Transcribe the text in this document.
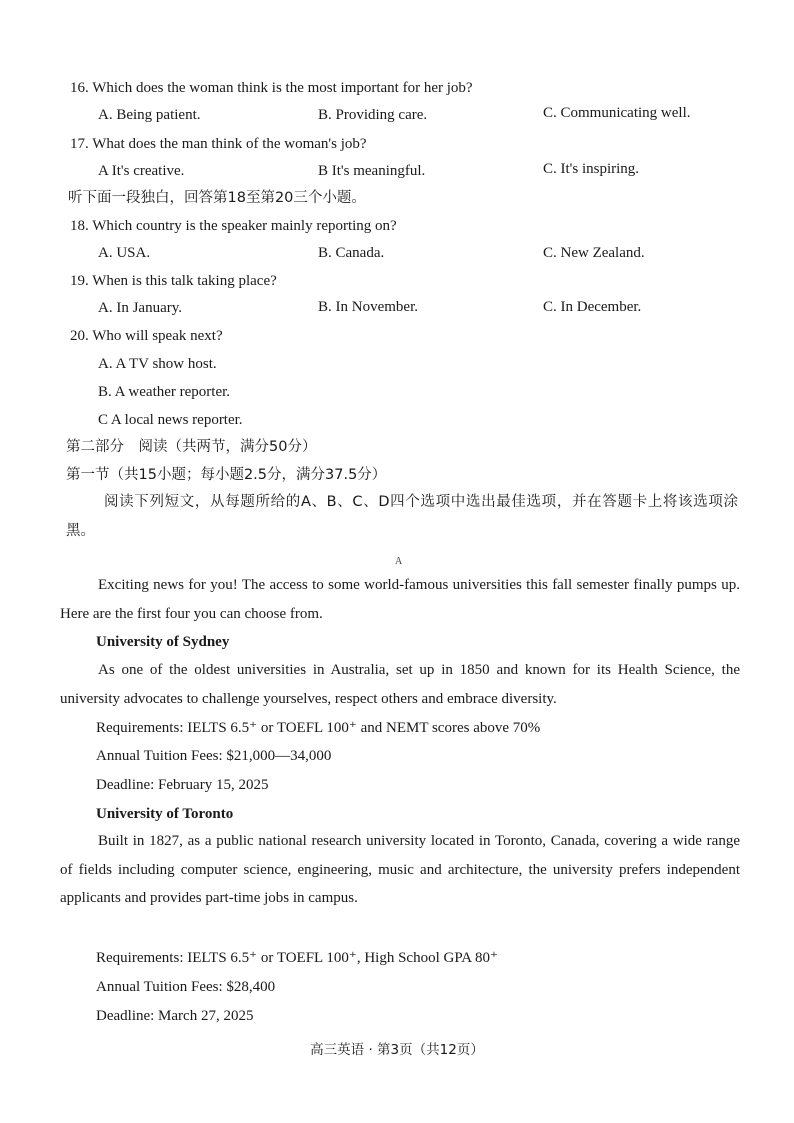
16. Which does the woman think is the most important for her job?
A. Being patient.	B. Providing care.	C. Communicating well.
17. What does the man think of the woman's job?
A It's creative.	B It's meaningful.	C. It's inspiring.
听下面一段独白，回答第18至第20三个小题。
18. Which country is the speaker mainly reporting on?
A. USA.	B. Canada.	C. New Zealand.
19. When is this talk taking place?
A. In January.	B. In November.	C. In December.
20. Who will speak next?
A. A TV show host.
B. A weather reporter.
C A local news reporter.
第二部分　阅读（共两节，满分50分）
第一节（共15小题；每小题2.5分，满分37.5分）
阅读下列短文，从每题所给的A、B、C、D四个选项中选出最佳选项，并在答题卡上将该选项涂黑。
A
Exciting news for you! The access to some world-famous universities this fall semester finally pumps up. Here are the first four you can choose from.
University of Sydney
As one of the oldest universities in Australia, set up in 1850 and known for its Health Science, the university advocates to challenge yourselves, respect others and embrace diversity.
Requirements: IELTS 6.5⁺ or TOEFL 100⁺ and NEMT scores above 70%
Annual Tuition Fees: $21,000—34,000
Deadline: February 15, 2025
University of Toronto
Built in 1827, as a public national research university located in Toronto, Canada, covering a wide range of fields including computer science, engineering, music and architecture, the university prefers independent applicants and provides part-time jobs in campus.
Requirements: IELTS 6.5⁺ or TOEFL 100⁺, High School GPA 80⁺
Annual Tuition Fees: $28,400
Deadline: March 27, 2025
高三英语 · 第3页（共12页）
